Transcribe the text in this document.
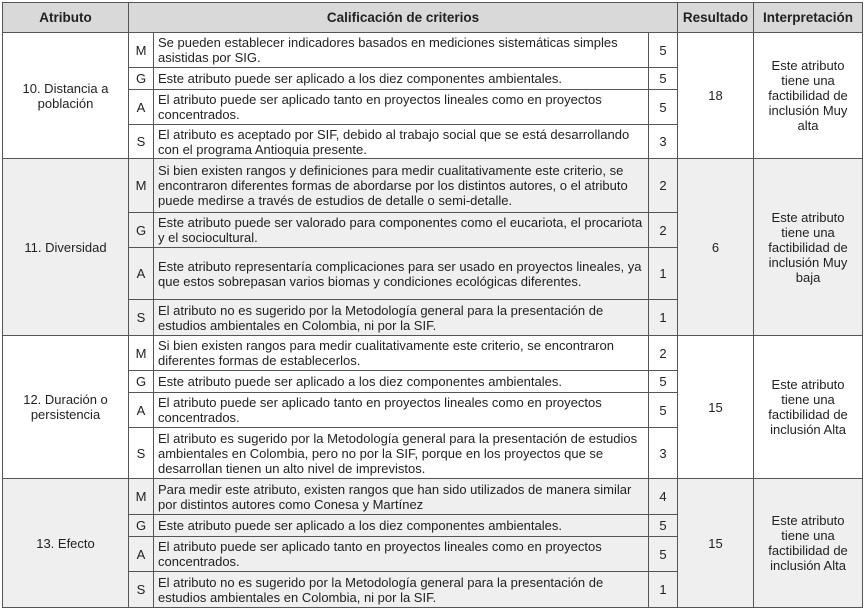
Atributo	Calificación de criterios			Resultado	Interpretación
10. Distancia a población	M	Se pueden establecer indicadores basados en mediciones sistemáticas simples asistidas por SIG.	5	18	Este atributo tiene una factibilidad de inclusión Muy alta
	G	Este atributo puede ser aplicado a los diez componentes ambientales.	5		
	A	El atributo puede ser aplicado tanto en proyectos lineales como en proyectos concentrados.	5		
	S	El atributo es aceptado por SIF, debido al trabajo social que se está desarrollando con el programa Antioquia presente.	3		
11. Diversidad	M	Si bien existen rangos y definiciones para medir cualitativamente este criterio, se encontraron diferentes formas de abordarse por los distintos autores, o el atributo puede medirse a través de estudios de detalle o semi-detalle.	2	6	Este atributo tiene una factibilidad de inclusión Muy baja
	G	Este atributo puede ser valorado para componentes como el eucariota, el procariota y el sociocultural.	2		
	A	Este atributo representaría complicaciones para ser usado en proyectos lineales, ya que estos sobrepasan varios biomas y condiciones ecológicas diferentes.	1		
	S	El atributo no es sugerido por la Metodología general para la presentación de estudios ambientales en Colombia, ni por la SIF.	1		
12. Duración o persistencia	M	Si bien existen rangos para medir cualitativamente este criterio, se encontraron diferentes formas de establecerlos.	2	15	Este atributo tiene una factibilidad de inclusión Alta
	G	Este atributo puede ser aplicado a los diez componentes ambientales.	5		
	A	El atributo puede ser aplicado tanto en proyectos lineales como en proyectos concentrados.	5		
	S	El atributo es sugerido por la Metodología general para la presentación de estudios ambientales en Colombia, pero no por la SIF, porque en los proyectos que se desarrollan tienen un alto nivel de imprevistos.	3		
13. Efecto	M	Para medir este atributo, existen rangos que han sido utilizados de manera similar por distintos autores como Conesa y Martínez	4	15	Este atributo tiene una factibilidad de inclusión Alta
	G	Este atributo puede ser aplicado a los diez componentes ambientales.	5		
	A	El atributo puede ser aplicado tanto en proyectos lineales como en proyectos concentrados.	5		
	S	El atributo no es sugerido por la Metodología general para la presentación de estudios ambientales en Colombia, ni por la SIF.	1		
